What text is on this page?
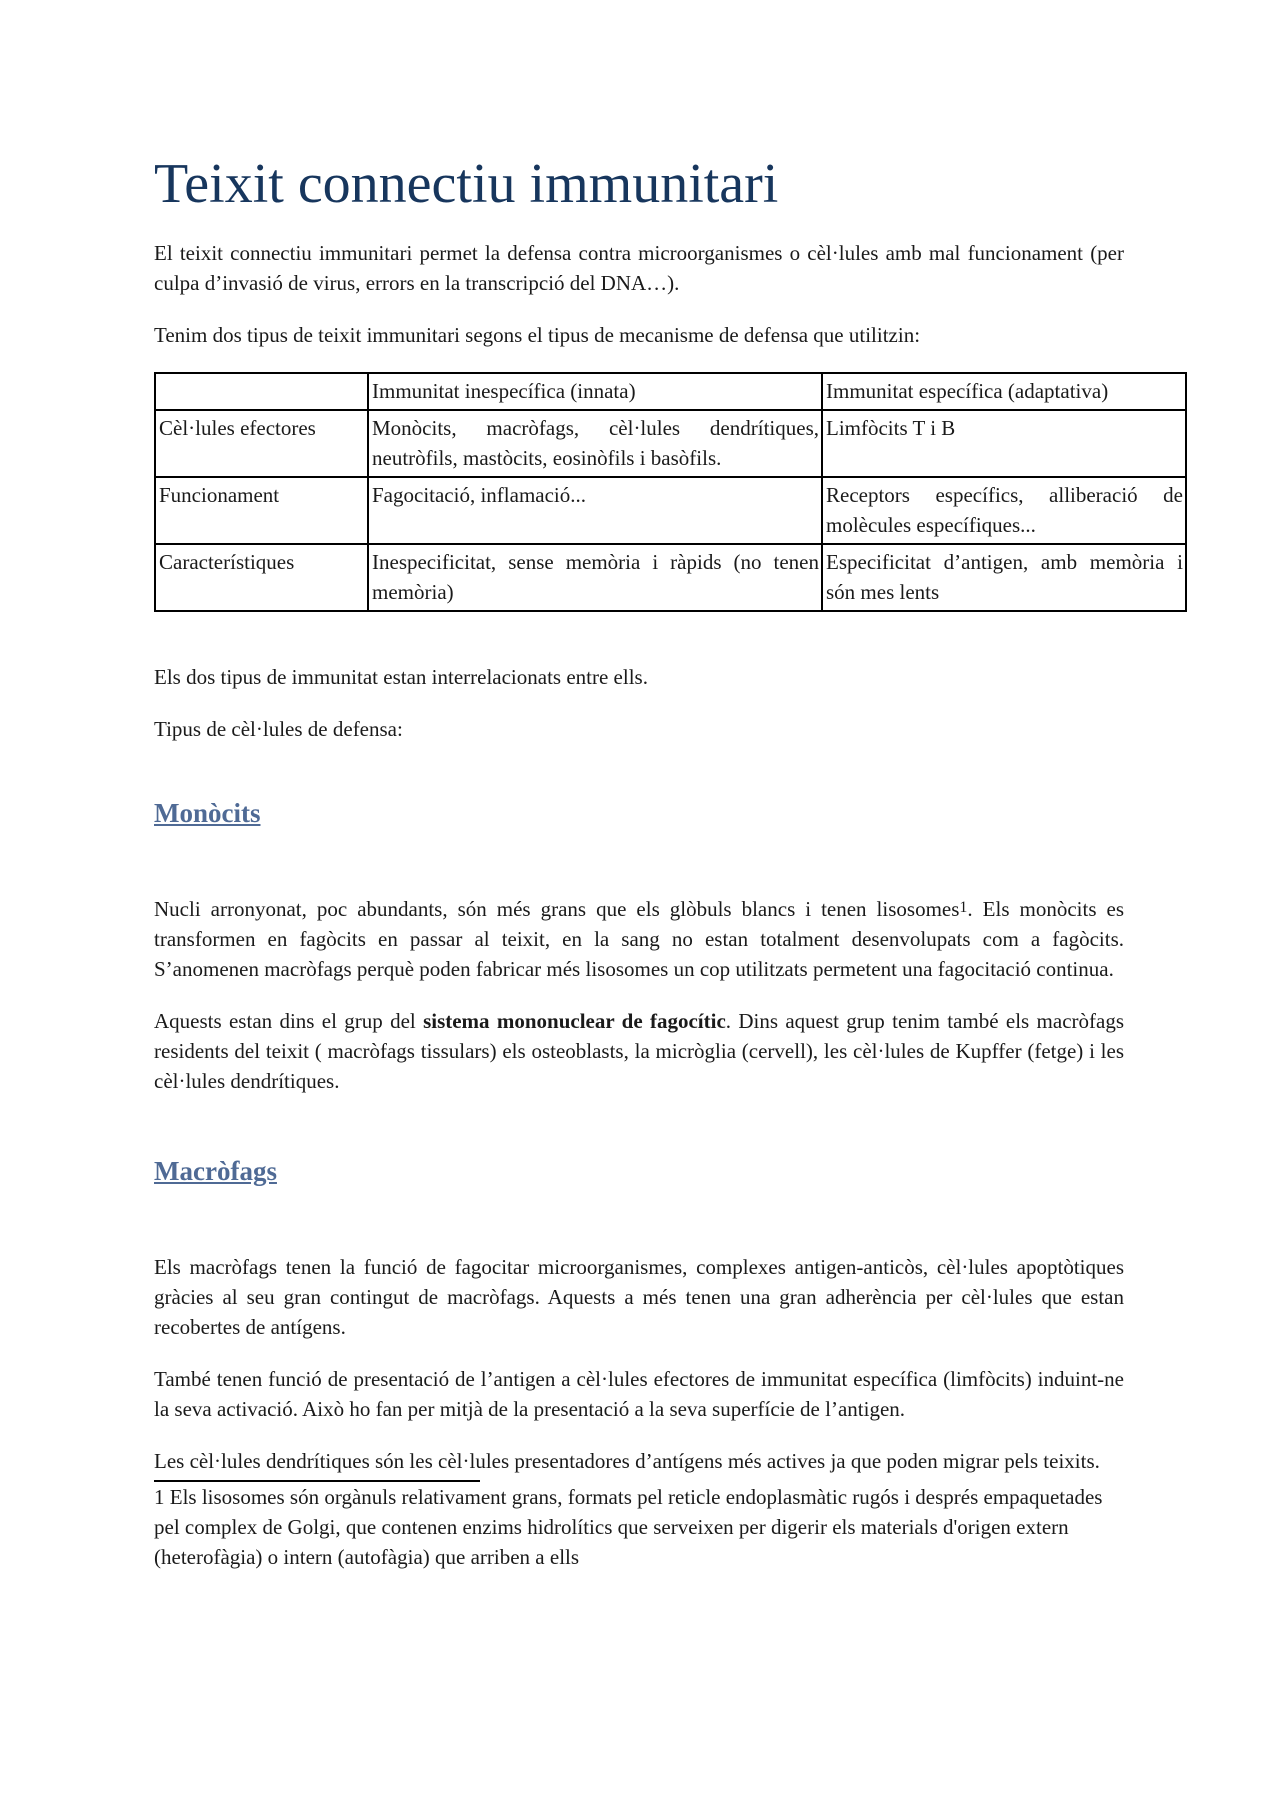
Teixit connectiu immunitari

El teixit connectiu immunitari permet la defensa contra microorganismes o cèl·lules amb mal funcionament (per culpa d’invasió de virus, errors en la transcripció del DNA…).

Tenim dos tipus de teixit immunitari segons el tipus de mecanisme de defensa que utilitzin:

	Immunitat inespecífica (innata)	Immunitat específica (adaptativa)
Cèl·lules efectores	Monòcits, macròfags, cèl·lules dendrítiques, neutròfils, mastòcits, eosinòfils i basòfils.	Limfòcits T i B
Funcionament	Fagocitació, inflamació...	Receptors específics, alliberació de molècules específiques...
Característiques	Inespecificitat, sense memòria i ràpids (no tenen memòria)	Especificitat d’antigen, amb memòria i són mes lents

Els dos tipus de immunitat estan interrelacionats entre ells.

Tipus de cèl·lules de defensa:

Monòcits

Nucli arronyonat, poc abundants, són més grans que els glòbuls blancs i tenen lisosomes$^1$. Els monòcits es transformen en fagòcits en passar al teixit, en la sang no estan totalment desenvolupats com a fagòcits. S’anomenen macròfags perquè poden fabricar més lisosomes un cop utilitzats permetent una fagocitació continua.

Aquests estan dins el grup del sistema mononuclear de fagocític. Dins aquest grup tenim també els macròfags residents del teixit ( macròfags tissulars) els osteoblasts, la micròglia (cervell), les cèl·lules de Kupffer (fetge) i les cèl·lules dendrítiques.

Macròfags

Els macròfags tenen la funció de fagocitar microorganismes, complexes antigen-anticòs, cèl·lules apoptòtiques gràcies al seu gran contingut de macròfags. Aquests a més tenen una gran adherència per cèl·lules que estan recobertes de antígens.

També tenen funció de presentació de l’antigen a cèl·lules efectores de immunitat específica (limfòcits) induint-ne la seva activació. Això ho fan per mitjà de la presentació a la seva superfície de l’antigen.

Les cèl·lules dendrítiques són les cèl·lules presentadores d’antígens més actives ja que poden migrar pels teixits.

1 Els lisosomes són orgànuls relativament grans, formats pel reticle endoplasmàtic rugós i després empaquetades pel complex de Golgi, que contenen enzims hidrolítics que serveixen per digerir els materials d'origen extern (heterofàgia) o intern (autofàgia) que arriben a ells
